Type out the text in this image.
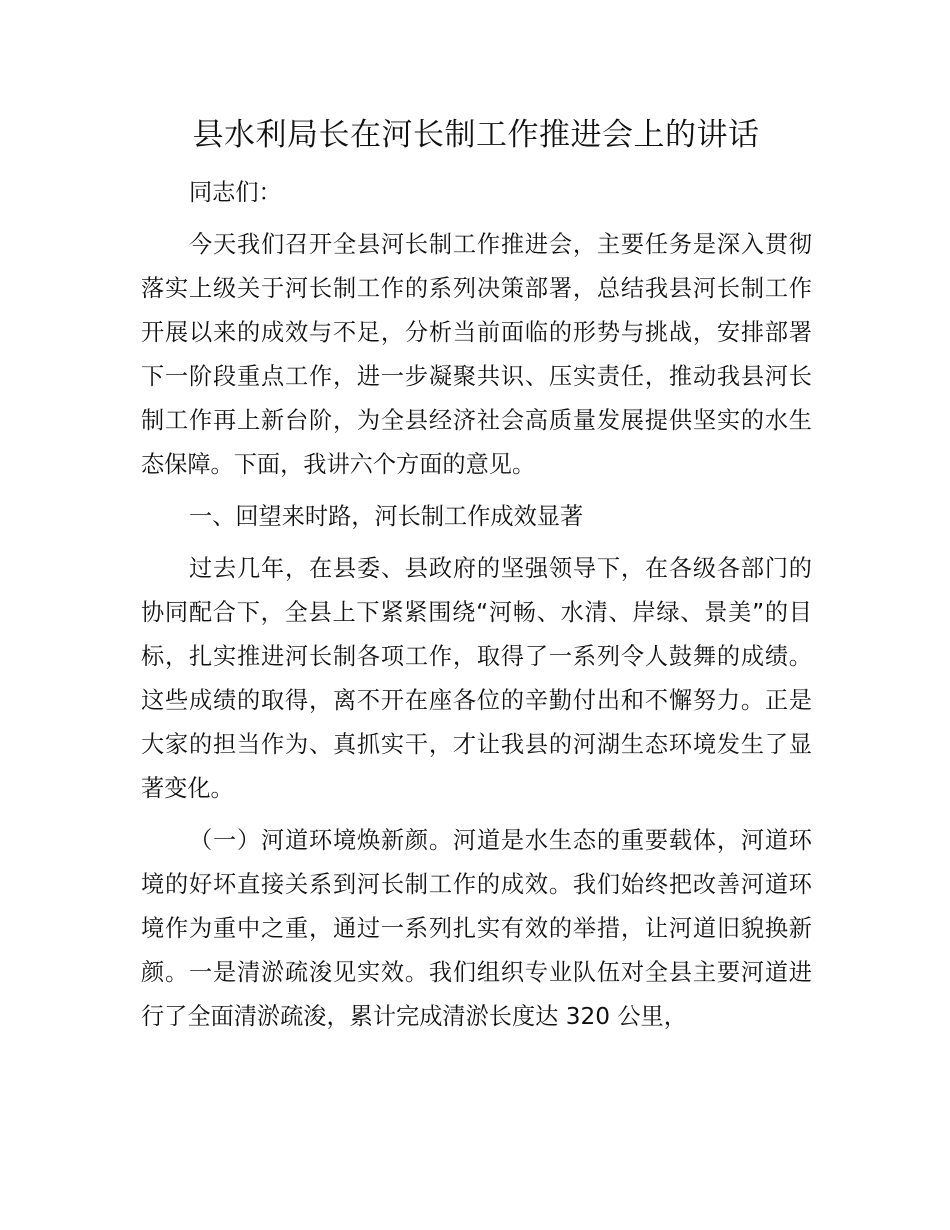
县水利局长在河长制工作推进会上的讲话

同志们：

今天我们召开全县河长制工作推进会，主要任务是深入贯彻落实上级关于河长制工作的系列决策部署，总结我县河长制工作开展以来的成效与不足，分析当前面临的形势与挑战，安排部署下一阶段重点工作，进一步凝聚共识、压实责任，推动我县河长制工作再上新台阶，为全县经济社会高质量发展提供坚实的水生态保障。下面，我讲六个方面的意见。

一、回望来时路，河长制工作成效显著

过去几年，在县委、县政府的坚强领导下，在各级各部门的协同配合下，全县上下紧紧围绕“河畅、水清、岸绿、景美”的目标，扎实推进河长制各项工作，取得了一系列令人鼓舞的成绩。这些成绩的取得，离不开在座各位的辛勤付出和不懈努力。正是大家的担当作为、真抓实干，才让我县的河湖生态环境发生了显著变化。

（一）河道环境焕新颜。河道是水生态的重要载体，河道环境的好坏直接关系到河长制工作的成效。我们始终把改善河道环境作为重中之重，通过一系列扎实有效的举措，让河道旧貌换新颜。一是清淤疏浚见实效。我们组织专业队伍对全县主要河道进行了全面清淤疏浚，累计完成清淤长度达 320 公里，
